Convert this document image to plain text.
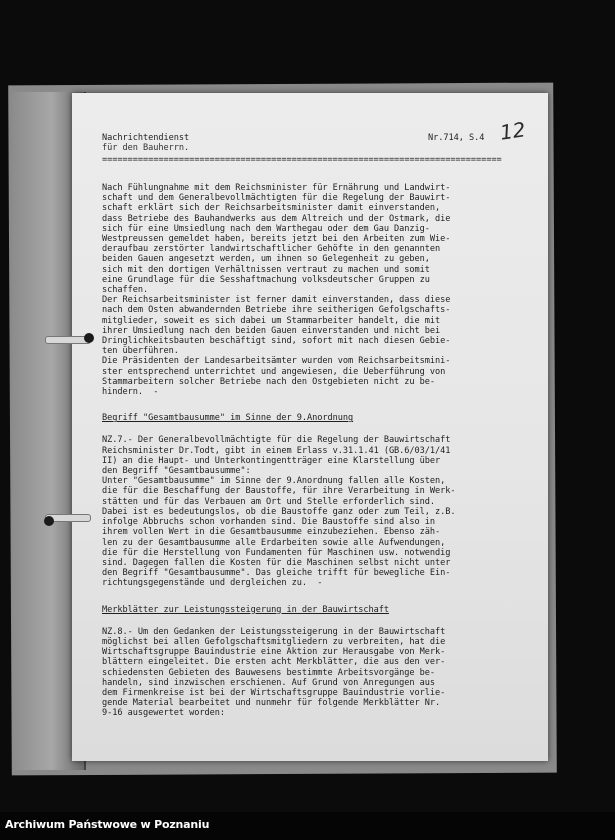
Nachrichtendienst
für den Bauherrn.
Nr.714, S.4 12
==============================================================================

Nach Fühlungnahme mit dem Reichsminister für Ernährung und Landwirt-

schaft und dem Generalbevollmächtigten für die Regelung der Bauwirt-

schaft erklärt sich der Reichsarbeitsminister damit einverstanden,

dass Betriebe des Bauhandwerks aus dem Altreich und der Ostmark, die

sich für eine Umsiedlung nach dem Warthegau oder dem Gau Danzig-

Westpreussen gemeldet haben, bereits jetzt bei den Arbeiten zum Wie-

deraufbau zerstörter landwirtschaftlicher Gehöfte in den genannten

beiden Gauen angesetzt werden, um ihnen so Gelegenheit zu geben,

sich mit den dortigen Verhältnissen vertraut zu machen und somit

eine Grundlage für die Sesshaftmachung volksdeutscher Gruppen zu

schaffen.

Der Reichsarbeitsminister ist ferner damit einverstanden, dass diese

nach dem Osten abwandernden Betriebe ihre seitherigen Gefolgschafts-

mitglieder, soweit es sich dabei um Stammarbeiter handelt, die mit

ihrer Umsiedlung nach den beiden Gauen einverstanden und nicht bei

Dringlichkeitsbauten beschäftigt sind, sofort mit nach diesen Gebie-

ten überführen.

Die Präsidenten der Landesarbeitsämter wurden vom Reichsarbeitsmini-

ster entsprechend unterrichtet und angewiesen, die Ueberführung von

Stammarbeitern solcher Betriebe nach den Ostgebieten nicht zu be-

hindern.  -

Begriff "Gesamtbausumme" im Sinne der 9.Anordnung

NZ.7.- Der Generalbevollmächtigte für die Regelung der Bauwirtschaft

Reichsminister Dr.Todt, gibt in einem Erlass v.31.1.41 (GB.6/03/1/41

II) an die Haupt- und Unterkontingentträger eine Klarstellung über

den Begriff "Gesamtbausumme":

Unter "Gesamtbausumme" im Sinne der 9.Anordnung fallen alle Kosten,

die für die Beschaffung der Baustoffe, für ihre Verarbeitung in Werk-

stätten und für das Verbauen am Ort und Stelle erforderlich sind.

Dabei ist es bedeutungslos, ob die Baustoffe ganz oder zum Teil, z.B.

infolge Abbruchs schon vorhanden sind. Die Baustoffe sind also in

ihrem vollen Wert in die Gesamtbausumme einzubeziehen. Ebenso zäh-

len zu der Gesamtbausumme alle Erdarbeiten sowie alle Aufwendungen,

die für die Herstellung von Fundamenten für Maschinen usw. notwendig

sind. Dagegen fallen die Kosten für die Maschinen selbst nicht unter

den Begriff "Gesamtbausumme". Das gleiche trifft für bewegliche Ein-

richtungsgegenstände und dergleichen zu.  -

Merkblätter zur Leistungssteigerung in der Bauwirtschaft

NZ.8.- Um den Gedanken der Leistungssteigerung in der Bauwirtschaft

möglichst bei allen Gefolgschaftsmitgliedern zu verbreiten, hat die

Wirtschaftsgruppe Bauindustrie eine Aktion zur Herausgabe von Merk-

blättern eingeleitet. Die ersten acht Merkblätter, die aus den ver-

schiedensten Gebieten des Bauwesens bestimmte Arbeitsvorgänge be-

handeln, sind inzwischen erschienen. Auf Grund von Anregungen aus

dem Firmenkreise ist bei der Wirtschaftsgruppe Bauindustrie vorlie-

gende Material bearbeitet und nunmehr für folgende Merkblätter Nr.

9-16 ausgewertet worden:

Archiwum Państwowe w Poznaniu
